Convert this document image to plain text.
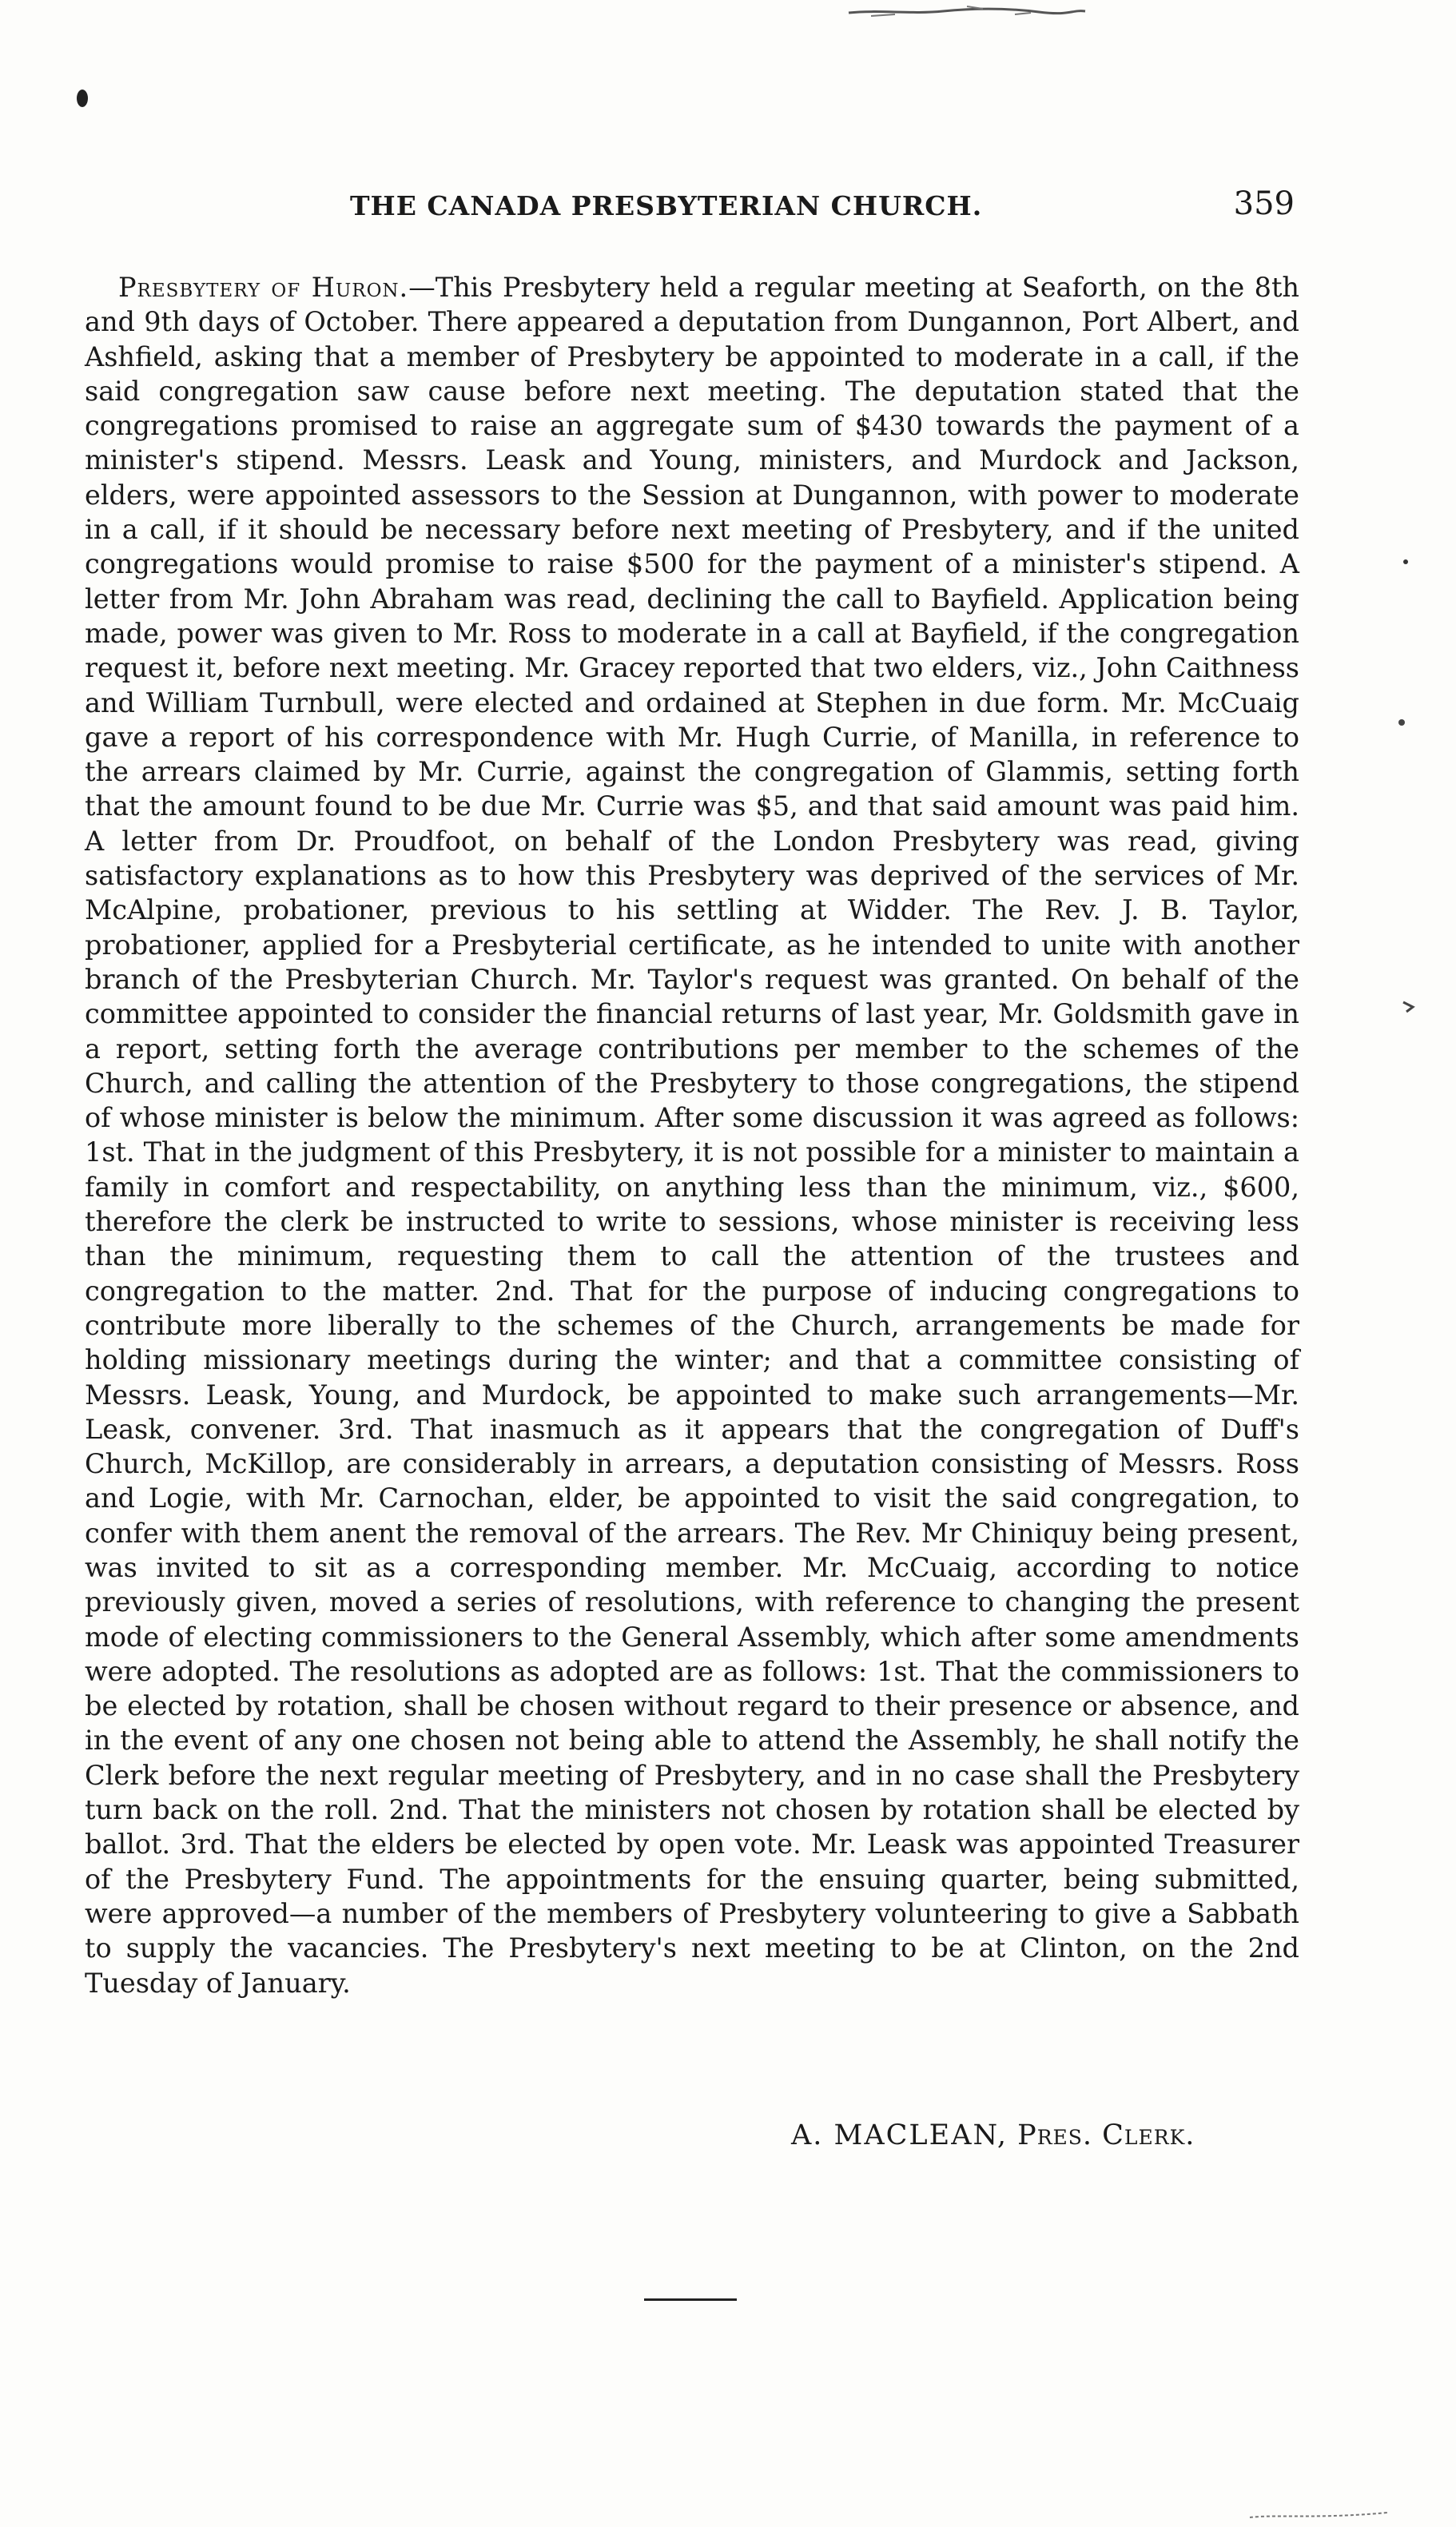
THE CANADA PRESBYTERIAN CHURCH.	359

Presbytery of Huron.—This Presbytery held a regular meeting at Seaforth, on the 8th and 9th days of October. There appeared a deputation from Dungannon, Port Albert, and Ashfield, asking that a member of Presbytery be appointed to moderate in a call, if the said congregation saw cause before next meeting. The deputation stated that the congregations promised to raise an aggregate sum of $430 towards the payment of a minister's stipend. Messrs. Leask and Young, ministers, and Murdock and Jackson, elders, were appointed assessors to the Session at Dungannon, with power to moderate in a call, if it should be necessary before next meeting of Presbytery, and if the united congregations would promise to raise $500 for the payment of a minister's stipend. A letter from Mr. John Abraham was read, declining the call to Bayfield. Application being made, power was given to Mr. Ross to moderate in a call at Bayfield, if the congregation request it, before next meeting. Mr. Gracey reported that two elders, viz., John Caithness and William Turnbull, were elected and ordained at Stephen in due form. Mr. McCuaig gave a report of his correspondence with Mr. Hugh Currie, of Manilla, in reference to the arrears claimed by Mr. Currie, against the congregation of Glammis, setting forth that the amount found to be due Mr. Currie was $5, and that said amount was paid him. A letter from Dr. Proudfoot, on behalf of the London Presbytery was read, giving satisfactory explanations as to how this Presbytery was deprived of the services of Mr. McAlpine, probationer, previous to his settling at Widder. The Rev. J. B. Taylor, probationer, applied for a Presbyterial certificate, as he intended to unite with another branch of the Presbyterian Church. Mr. Taylor's request was granted. On behalf of the committee appointed to consider the financial returns of last year, Mr. Goldsmith gave in a report, setting forth the average contributions per member to the schemes of the Church, and calling the attention of the Presbytery to those congregations, the stipend of whose minister is below the minimum. After some discussion it was agreed as follows: 1st. That in the judgment of this Presbytery, it is not possible for a minister to maintain a family in comfort and respectability, on anything less than the minimum, viz., $600, therefore the clerk be instructed to write to sessions, whose minister is receiving less than the minimum, requesting them to call the attention of the trustees and congregation to the matter. 2nd. That for the purpose of inducing congregations to contribute more liberally to the schemes of the Church, arrangements be made for holding missionary meetings during the winter; and that a committee consisting of Messrs. Leask, Young, and Murdock, be appointed to make such arrangements—Mr. Leask, convener. 3rd. That inasmuch as it appears that the congregation of Duff's Church, McKillop, are considerably in arrears, a deputation consisting of Messrs. Ross and Logie, with Mr. Carnochan, elder, be appointed to visit the said congregation, to confer with them anent the removal of the arrears. The Rev. Mr Chiniquy being present, was invited to sit as a corresponding member. Mr. McCuaig, according to notice previously given, moved a series of resolutions, with reference to changing the present mode of electing commissioners to the General Assembly, which after some amendments were adopted. The resolutions as adopted are as follows: 1st. That the commissioners to be elected by rotation, shall be chosen without regard to their presence or absence, and in the event of any one chosen not being able to attend the Assembly, he shall notify the Clerk before the next regular meeting of Presbytery, and in no case shall the Presbytery turn back on the roll. 2nd. That the ministers not chosen by rotation shall be elected by ballot. 3rd. That the elders be elected by open vote. Mr. Leask was appointed Treasurer of the Presbytery Fund. The appointments for the ensuing quarter, being submitted, were approved—a number of the members of Presbytery volunteering to give a Sabbath to supply the vacancies. The Presbytery's next meeting to be at Clinton, on the 2nd Tuesday of January.

A. MACLEAN, Pres. Clerk.
